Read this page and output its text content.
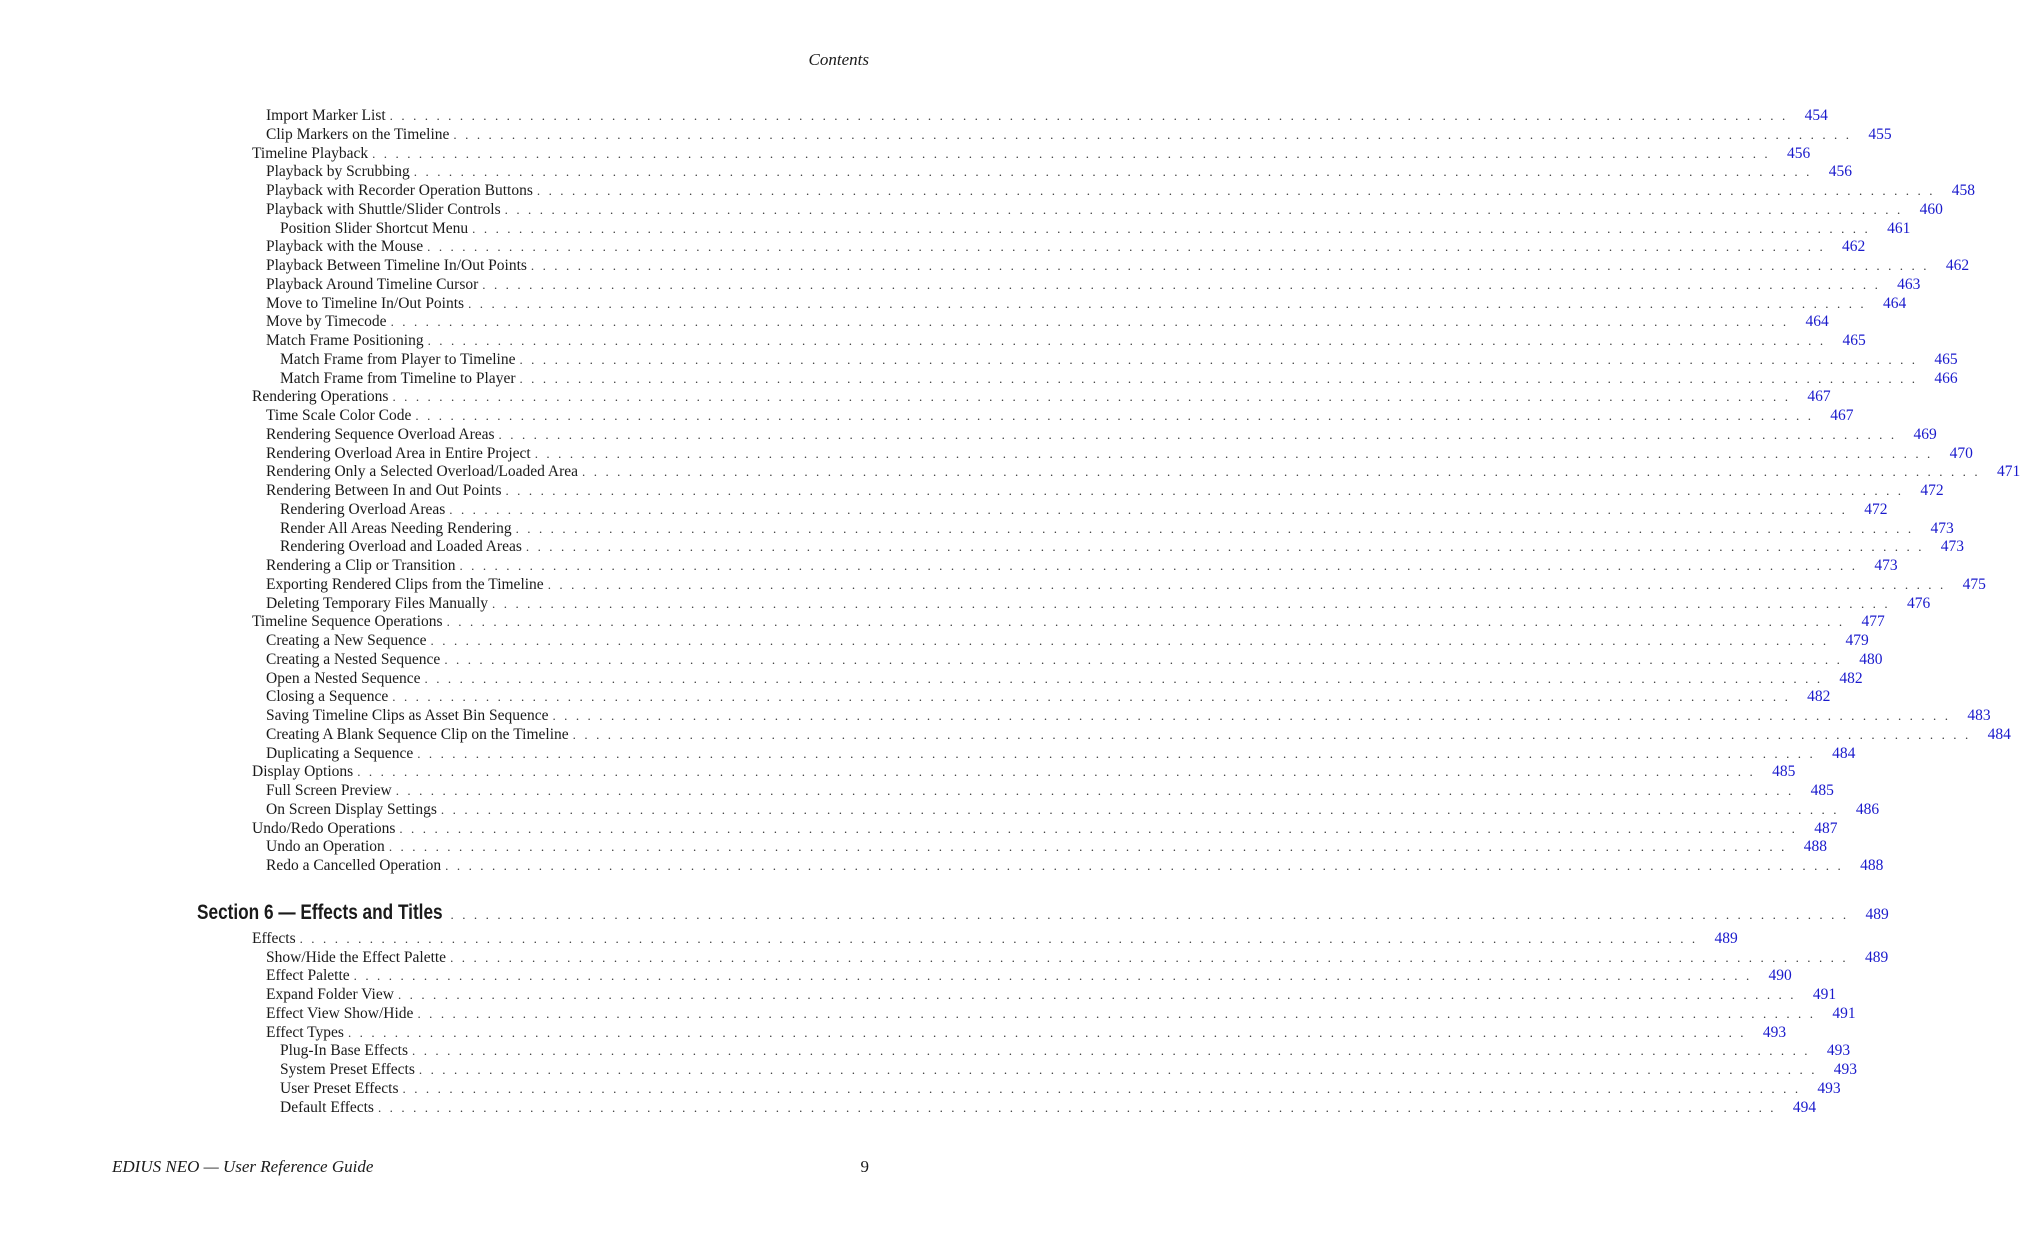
Contents
Import Marker List . . . . . . . . . . . . . . . . . . . . . . . . . . . . . . . . . . . . . . . . . . . . . . . . . . . . . . . . . . . . . . . . . . . . . . . . . . . . . . . . . . . . . . . . . . . . . . . . . . . . . . . . . . . . . . . . . . . . . . . .	454
Clip Markers on the Timeline . . . . . . . . . . . . . . . . . . . . . . . . . . . . . . . . . . . . . . . . . . . . . . . . . . . . . . . . . . . . . . . . . . . . . . . . . . . . . . . . . . . . . . . . . . . . . . . . . . . . . . . . . . . . . . . . . . . . . . . .	455
Timeline Playback . . . . . . . . . . . . . . . . . . . . . . . . . . . . . . . . . . . . . . . . . . . . . . . . . . . . . . . . . . . . . . . . . . . . . . . . . . . . . . . . . . . . . . . . . . . . . . . . . . . . . . . . . . . . . . . . . . . . . . . .	456
Playback by Scrubbing . . . . . . . . . . . . . . . . . . . . . . . . . . . . . . . . . . . . . . . . . . . . . . . . . . . . . . . . . . . . . . . . . . . . . . . . . . . . . . . . . . . . . . . . . . . . . . . . . . . . . . . . . . . . . . . . . . . . . . . .	456
Playback with Recorder Operation Buttons . . . . . . . . . . . . . . . . . . . . . . . . . . . . . . . . . . . . . . . . . . . . . . . . . . . . . . . . . . . . . . . . . . . . . . . . . . . . . . . . . . . . . . . . . . . . . . . . . . . . . . . . . . . . . . . . . . . . . . . .	458
Playback with Shuttle/Slider Controls . . . . . . . . . . . . . . . . . . . . . . . . . . . . . . . . . . . . . . . . . . . . . . . . . . . . . . . . . . . . . . . . . . . . . . . . . . . . . . . . . . . . . . . . . . . . . . . . . . . . . . . . . . . . . . . . . . . . . . . .	460
Position Slider Shortcut Menu . . . . . . . . . . . . . . . . . . . . . . . . . . . . . . . . . . . . . . . . . . . . . . . . . . . . . . . . . . . . . . . . . . . . . . . . . . . . . . . . . . . . . . . . . . . . . . . . . . . . . . . . . . . . . . . . . . . . . . . .	461
Playback with the Mouse . . . . . . . . . . . . . . . . . . . . . . . . . . . . . . . . . . . . . . . . . . . . . . . . . . . . . . . . . . . . . . . . . . . . . . . . . . . . . . . . . . . . . . . . . . . . . . . . . . . . . . . . . . . . . . . . . . . . . . . .	462
Playback Between Timeline In/Out Points . . . . . . . . . . . . . . . . . . . . . . . . . . . . . . . . . . . . . . . . . . . . . . . . . . . . . . . . . . . . . . . . . . . . . . . . . . . . . . . . . . . . . . . . . . . . . . . . . . . . . . . . . . . . . . . . . . . . . . . .	462
Playback Around Timeline Cursor . . . . . . . . . . . . . . . . . . . . . . . . . . . . . . . . . . . . . . . . . . . . . . . . . . . . . . . . . . . . . . . . . . . . . . . . . . . . . . . . . . . . . . . . . . . . . . . . . . . . . . . . . . . . . . . . . . . . . . . .	463
Move to Timeline In/Out Points . . . . . . . . . . . . . . . . . . . . . . . . . . . . . . . . . . . . . . . . . . . . . . . . . . . . . . . . . . . . . . . . . . . . . . . . . . . . . . . . . . . . . . . . . . . . . . . . . . . . . . . . . . . . . . . . . . . . . . . .	464
Move by Timecode . . . . . . . . . . . . . . . . . . . . . . . . . . . . . . . . . . . . . . . . . . . . . . . . . . . . . . . . . . . . . . . . . . . . . . . . . . . . . . . . . . . . . . . . . . . . . . . . . . . . . . . . . . . . . . . . . . . . . . . .	464
Match Frame Positioning . . . . . . . . . . . . . . . . . . . . . . . . . . . . . . . . . . . . . . . . . . . . . . . . . . . . . . . . . . . . . . . . . . . . . . . . . . . . . . . . . . . . . . . . . . . . . . . . . . . . . . . . . . . . . . . . . . . . . . . .	465
Match Frame from Player to Timeline . . . . . . . . . . . . . . . . . . . . . . . . . . . . . . . . . . . . . . . . . . . . . . . . . . . . . . . . . . . . . . . . . . . . . . . . . . . . . . . . . . . . . . . . . . . . . . . . . . . . . . . . . . . . . . . . . . . . . . . .	465
Match Frame from Timeline to Player . . . . . . . . . . . . . . . . . . . . . . . . . . . . . . . . . . . . . . . . . . . . . . . . . . . . . . . . . . . . . . . . . . . . . . . . . . . . . . . . . . . . . . . . . . . . . . . . . . . . . . . . . . . . . . . . . . . . . . . .	466
Rendering Operations . . . . . . . . . . . . . . . . . . . . . . . . . . . . . . . . . . . . . . . . . . . . . . . . . . . . . . . . . . . . . . . . . . . . . . . . . . . . . . . . . . . . . . . . . . . . . . . . . . . . . . . . . . . . . . . . . . . . . . . .	467
Time Scale Color Code . . . . . . . . . . . . . . . . . . . . . . . . . . . . . . . . . . . . . . . . . . . . . . . . . . . . . . . . . . . . . . . . . . . . . . . . . . . . . . . . . . . . . . . . . . . . . . . . . . . . . . . . . . . . . . . . . . . . . . . .	467
Rendering Sequence Overload Areas . . . . . . . . . . . . . . . . . . . . . . . . . . . . . . . . . . . . . . . . . . . . . . . . . . . . . . . . . . . . . . . . . . . . . . . . . . . . . . . . . . . . . . . . . . . . . . . . . . . . . . . . . . . . . . . . . . . . . . . .	469
Rendering Overload Area in Entire Project . . . . . . . . . . . . . . . . . . . . . . . . . . . . . . . . . . . . . . . . . . . . . . . . . . . . . . . . . . . . . . . . . . . . . . . . . . . . . . . . . . . . . . . . . . . . . . . . . . . . . . . . . . . . . . . . . . . . . . . .	470
Rendering Only a Selected Overload/Loaded Area . . . . . . . . . . . . . . . . . . . . . . . . . . . . . . . . . . . . . . . . . . . . . . . . . . . . . . . . . . . . . . . . . . . . . . . . . . . . . . . . . . . . . . . . . . . . . . . . . . . . . . . . . . . . . . . . . . . . . . . .	471
Rendering Between In and Out Points . . . . . . . . . . . . . . . . . . . . . . . . . . . . . . . . . . . . . . . . . . . . . . . . . . . . . . . . . . . . . . . . . . . . . . . . . . . . . . . . . . . . . . . . . . . . . . . . . . . . . . . . . . . . . . . . . . . . . . . .	472
Rendering Overload Areas . . . . . . . . . . . . . . . . . . . . . . . . . . . . . . . . . . . . . . . . . . . . . . . . . . . . . . . . . . . . . . . . . . . . . . . . . . . . . . . . . . . . . . . . . . . . . . . . . . . . . . . . . . . . . . . . . . . . . . . .	472
Render All Areas Needing Rendering . . . . . . . . . . . . . . . . . . . . . . . . . . . . . . . . . . . . . . . . . . . . . . . . . . . . . . . . . . . . . . . . . . . . . . . . . . . . . . . . . . . . . . . . . . . . . . . . . . . . . . . . . . . . . . . . . . . . . . . .	473
Rendering Overload and Loaded Areas . . . . . . . . . . . . . . . . . . . . . . . . . . . . . . . . . . . . . . . . . . . . . . . . . . . . . . . . . . . . . . . . . . . . . . . . . . . . . . . . . . . . . . . . . . . . . . . . . . . . . . . . . . . . . . . . . . . . . . . .	473
Rendering a Clip or Transition . . . . . . . . . . . . . . . . . . . . . . . . . . . . . . . . . . . . . . . . . . . . . . . . . . . . . . . . . . . . . . . . . . . . . . . . . . . . . . . . . . . . . . . . . . . . . . . . . . . . . . . . . . . . . . . . . . . . . . . .	473
Exporting Rendered Clips from the Timeline . . . . . . . . . . . . . . . . . . . . . . . . . . . . . . . . . . . . . . . . . . . . . . . . . . . . . . . . . . . . . . . . . . . . . . . . . . . . . . . . . . . . . . . . . . . . . . . . . . . . . . . . . . . . . . . . . . . . . . . .	475
Deleting Temporary Files Manually . . . . . . . . . . . . . . . . . . . . . . . . . . . . . . . . . . . . . . . . . . . . . . . . . . . . . . . . . . . . . . . . . . . . . . . . . . . . . . . . . . . . . . . . . . . . . . . . . . . . . . . . . . . . . . . . . . . . . . . .	476
Timeline Sequence Operations . . . . . . . . . . . . . . . . . . . . . . . . . . . . . . . . . . . . . . . . . . . . . . . . . . . . . . . . . . . . . . . . . . . . . . . . . . . . . . . . . . . . . . . . . . . . . . . . . . . . . . . . . . . . . . . . . . . . . . . .	477
Creating a New Sequence . . . . . . . . . . . . . . . . . . . . . . . . . . . . . . . . . . . . . . . . . . . . . . . . . . . . . . . . . . . . . . . . . . . . . . . . . . . . . . . . . . . . . . . . . . . . . . . . . . . . . . . . . . . . . . . . . . . . . . . .	479
Creating a Nested Sequence . . . . . . . . . . . . . . . . . . . . . . . . . . . . . . . . . . . . . . . . . . . . . . . . . . . . . . . . . . . . . . . . . . . . . . . . . . . . . . . . . . . . . . . . . . . . . . . . . . . . . . . . . . . . . . . . . . . . . . . .	480
Open a Nested Sequence . . . . . . . . . . . . . . . . . . . . . . . . . . . . . . . . . . . . . . . . . . . . . . . . . . . . . . . . . . . . . . . . . . . . . . . . . . . . . . . . . . . . . . . . . . . . . . . . . . . . . . . . . . . . . . . . . . . . . . . .	482
Closing a Sequence . . . . . . . . . . . . . . . . . . . . . . . . . . . . . . . . . . . . . . . . . . . . . . . . . . . . . . . . . . . . . . . . . . . . . . . . . . . . . . . . . . . . . . . . . . . . . . . . . . . . . . . . . . . . . . . . . . . . . . . .	482
Saving Timeline Clips as Asset Bin Sequence . . . . . . . . . . . . . . . . . . . . . . . . . . . . . . . . . . . . . . . . . . . . . . . . . . . . . . . . . . . . . . . . . . . . . . . . . . . . . . . . . . . . . . . . . . . . . . . . . . . . . . . . . . . . . . . . . . . . . . . .	483
Creating A Blank Sequence Clip on the Timeline . . . . . . . . . . . . . . . . . . . . . . . . . . . . . . . . . . . . . . . . . . . . . . . . . . . . . . . . . . . . . . . . . . . . . . . . . . . . . . . . . . . . . . . . . . . . . . . . . . . . . . . . . . . . . . . . . . . . . . . .	484
Duplicating a Sequence . . . . . . . . . . . . . . . . . . . . . . . . . . . . . . . . . . . . . . . . . . . . . . . . . . . . . . . . . . . . . . . . . . . . . . . . . . . . . . . . . . . . . . . . . . . . . . . . . . . . . . . . . . . . . . . . . . . . . . . .	484
Display Options . . . . . . . . . . . . . . . . . . . . . . . . . . . . . . . . . . . . . . . . . . . . . . . . . . . . . . . . . . . . . . . . . . . . . . . . . . . . . . . . . . . . . . . . . . . . . . . . . . . . . . . . . . . . . . . . . . . . . . . .	485
Full Screen Preview . . . . . . . . . . . . . . . . . . . . . . . . . . . . . . . . . . . . . . . . . . . . . . . . . . . . . . . . . . . . . . . . . . . . . . . . . . . . . . . . . . . . . . . . . . . . . . . . . . . . . . . . . . . . . . . . . . . . . . . .	485
On Screen Display Settings . . . . . . . . . . . . . . . . . . . . . . . . . . . . . . . . . . . . . . . . . . . . . . . . . . . . . . . . . . . . . . . . . . . . . . . . . . . . . . . . . . . . . . . . . . . . . . . . . . . . . . . . . . . . . . . . . . . . . . . .	486
Undo/Redo Operations . . . . . . . . . . . . . . . . . . . . . . . . . . . . . . . . . . . . . . . . . . . . . . . . . . . . . . . . . . . . . . . . . . . . . . . . . . . . . . . . . . . . . . . . . . . . . . . . . . . . . . . . . . . . . . . . . . . . . . . .	487
Undo an Operation . . . . . . . . . . . . . . . . . . . . . . . . . . . . . . . . . . . . . . . . . . . . . . . . . . . . . . . . . . . . . . . . . . . . . . . . . . . . . . . . . . . . . . . . . . . . . . . . . . . . . . . . . . . . . . . . . . . . . . . .	488
Redo a Cancelled Operation . . . . . . . . . . . . . . . . . . . . . . . . . . . . . . . . . . . . . . . . . . . . . . . . . . . . . . . . . . . . . . . . . . . . . . . . . . . . . . . . . . . . . . . . . . . . . . . . . . . . . . . . . . . . . . . . . . . . . . . .	488
Section 6 — Effects and Titles . . . . . . . . . . . . . . . . . . . . . . . . . . . . . . . . . . . . . . . . . . . . . . . . . . . . . . . . . . . . . . . . . . . . . . . . . . . . . . . . . . . . . . . . . . . . . . . . . . . . . . . . . . . . . . . . . . . . . . . .	489
Effects . . . . . . . . . . . . . . . . . . . . . . . . . . . . . . . . . . . . . . . . . . . . . . . . . . . . . . . . . . . . . . . . . . . . . . . . . . . . . . . . . . . . . . . . . . . . . . . . . . . . . . . . . . . . . . . . . . . . . . . .	489
Show/Hide the Effect Palette . . . . . . . . . . . . . . . . . . . . . . . . . . . . . . . . . . . . . . . . . . . . . . . . . . . . . . . . . . . . . . . . . . . . . . . . . . . . . . . . . . . . . . . . . . . . . . . . . . . . . . . . . . . . . . . . . . . . . . . .	489
Effect Palette . . . . . . . . . . . . . . . . . . . . . . . . . . . . . . . . . . . . . . . . . . . . . . . . . . . . . . . . . . . . . . . . . . . . . . . . . . . . . . . . . . . . . . . . . . . . . . . . . . . . . . . . . . . . . . . . . . . . . . . .	490
Expand Folder View . . . . . . . . . . . . . . . . . . . . . . . . . . . . . . . . . . . . . . . . . . . . . . . . . . . . . . . . . . . . . . . . . . . . . . . . . . . . . . . . . . . . . . . . . . . . . . . . . . . . . . . . . . . . . . . . . . . . . . . .	491
Effect View Show/Hide . . . . . . . . . . . . . . . . . . . . . . . . . . . . . . . . . . . . . . . . . . . . . . . . . . . . . . . . . . . . . . . . . . . . . . . . . . . . . . . . . . . . . . . . . . . . . . . . . . . . . . . . . . . . . . . . . . . . . . . .	491
Effect Types . . . . . . . . . . . . . . . . . . . . . . . . . . . . . . . . . . . . . . . . . . . . . . . . . . . . . . . . . . . . . . . . . . . . . . . . . . . . . . . . . . . . . . . . . . . . . . . . . . . . . . . . . . . . . . . . . . . . . . . .	493
Plug-In Base Effects . . . . . . . . . . . . . . . . . . . . . . . . . . . . . . . . . . . . . . . . . . . . . . . . . . . . . . . . . . . . . . . . . . . . . . . . . . . . . . . . . . . . . . . . . . . . . . . . . . . . . . . . . . . . . . . . . . . . . . . .	493
System Preset Effects . . . . . . . . . . . . . . . . . . . . . . . . . . . . . . . . . . . . . . . . . . . . . . . . . . . . . . . . . . . . . . . . . . . . . . . . . . . . . . . . . . . . . . . . . . . . . . . . . . . . . . . . . . . . . . . . . . . . . . . .	493
User Preset Effects . . . . . . . . . . . . . . . . . . . . . . . . . . . . . . . . . . . . . . . . . . . . . . . . . . . . . . . . . . . . . . . . . . . . . . . . . . . . . . . . . . . . . . . . . . . . . . . . . . . . . . . . . . . . . . . . . . . . . . . .	493
Default Effects . . . . . . . . . . . . . . . . . . . . . . . . . . . . . . . . . . . . . . . . . . . . . . . . . . . . . . . . . . . . . . . . . . . . . . . . . . . . . . . . . . . . . . . . . . . . . . . . . . . . . . . . . . . . . . . . . . . . . . . .	494
EDIUS NEO — User Reference Guide	9
